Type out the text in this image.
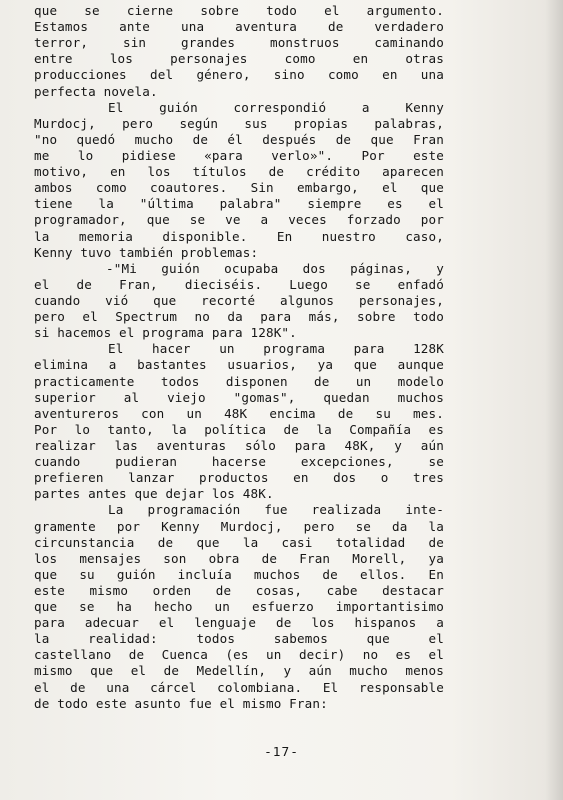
que se cierne sobre todo el argumento.
Estamos ante una aventura de verdadero
terror, sin grandes monstruos caminando
entre los personajes como en otras
producciones del género, sino como en una
perfecta novela.
El guión correspondió a Kenny
Murdocj, pero según sus propias palabras,
"no quedó mucho de él después de que Fran
me lo pidiese «para verlo»". Por este
motivo, en los títulos de crédito aparecen
ambos como coautores. Sin embargo, el que
tiene la "última palabra" siempre es el
programador, que se ve a veces forzado por
la memoria disponible. En nuestro caso,
Kenny tuvo también problemas:
-"Mi guión ocupaba dos páginas, y
el de Fran, dieciséis. Luego se enfadó
cuando vió que recorté algunos personajes,
pero el Spectrum no da para más, sobre todo
si hacemos el programa para 128K".
El hacer un programa para 128K
elimina a bastantes usuarios, ya que aunque
practicamente todos disponen de un modelo
superior al viejo "gomas", quedan muchos
aventureros con un 48K encima de su mes.
Por lo tanto, la política de la Compañía es
realizar las aventuras sólo para 48K, y aún
cuando pudieran hacerse excepciones, se
prefieren lanzar productos en dos o tres
partes antes que dejar los 48K.
La programación fue realizada inte-
gramente por Kenny Murdocj, pero se da la
circunstancia de que la casi totalidad de
los mensajes son obra de Fran Morell, ya
que su guión incluía muchos de ellos. En
este mismo orden de cosas, cabe destacar
que se ha hecho un esfuerzo importantisimo
para adecuar el lenguaje de los hispanos a
la realidad: todos sabemos que el
castellano de Cuenca (es un decir) no es el
mismo que el de Medellín, y aún mucho menos
el de una cárcel colombiana. El responsable
de todo este asunto fue el mismo Fran:
-17-
